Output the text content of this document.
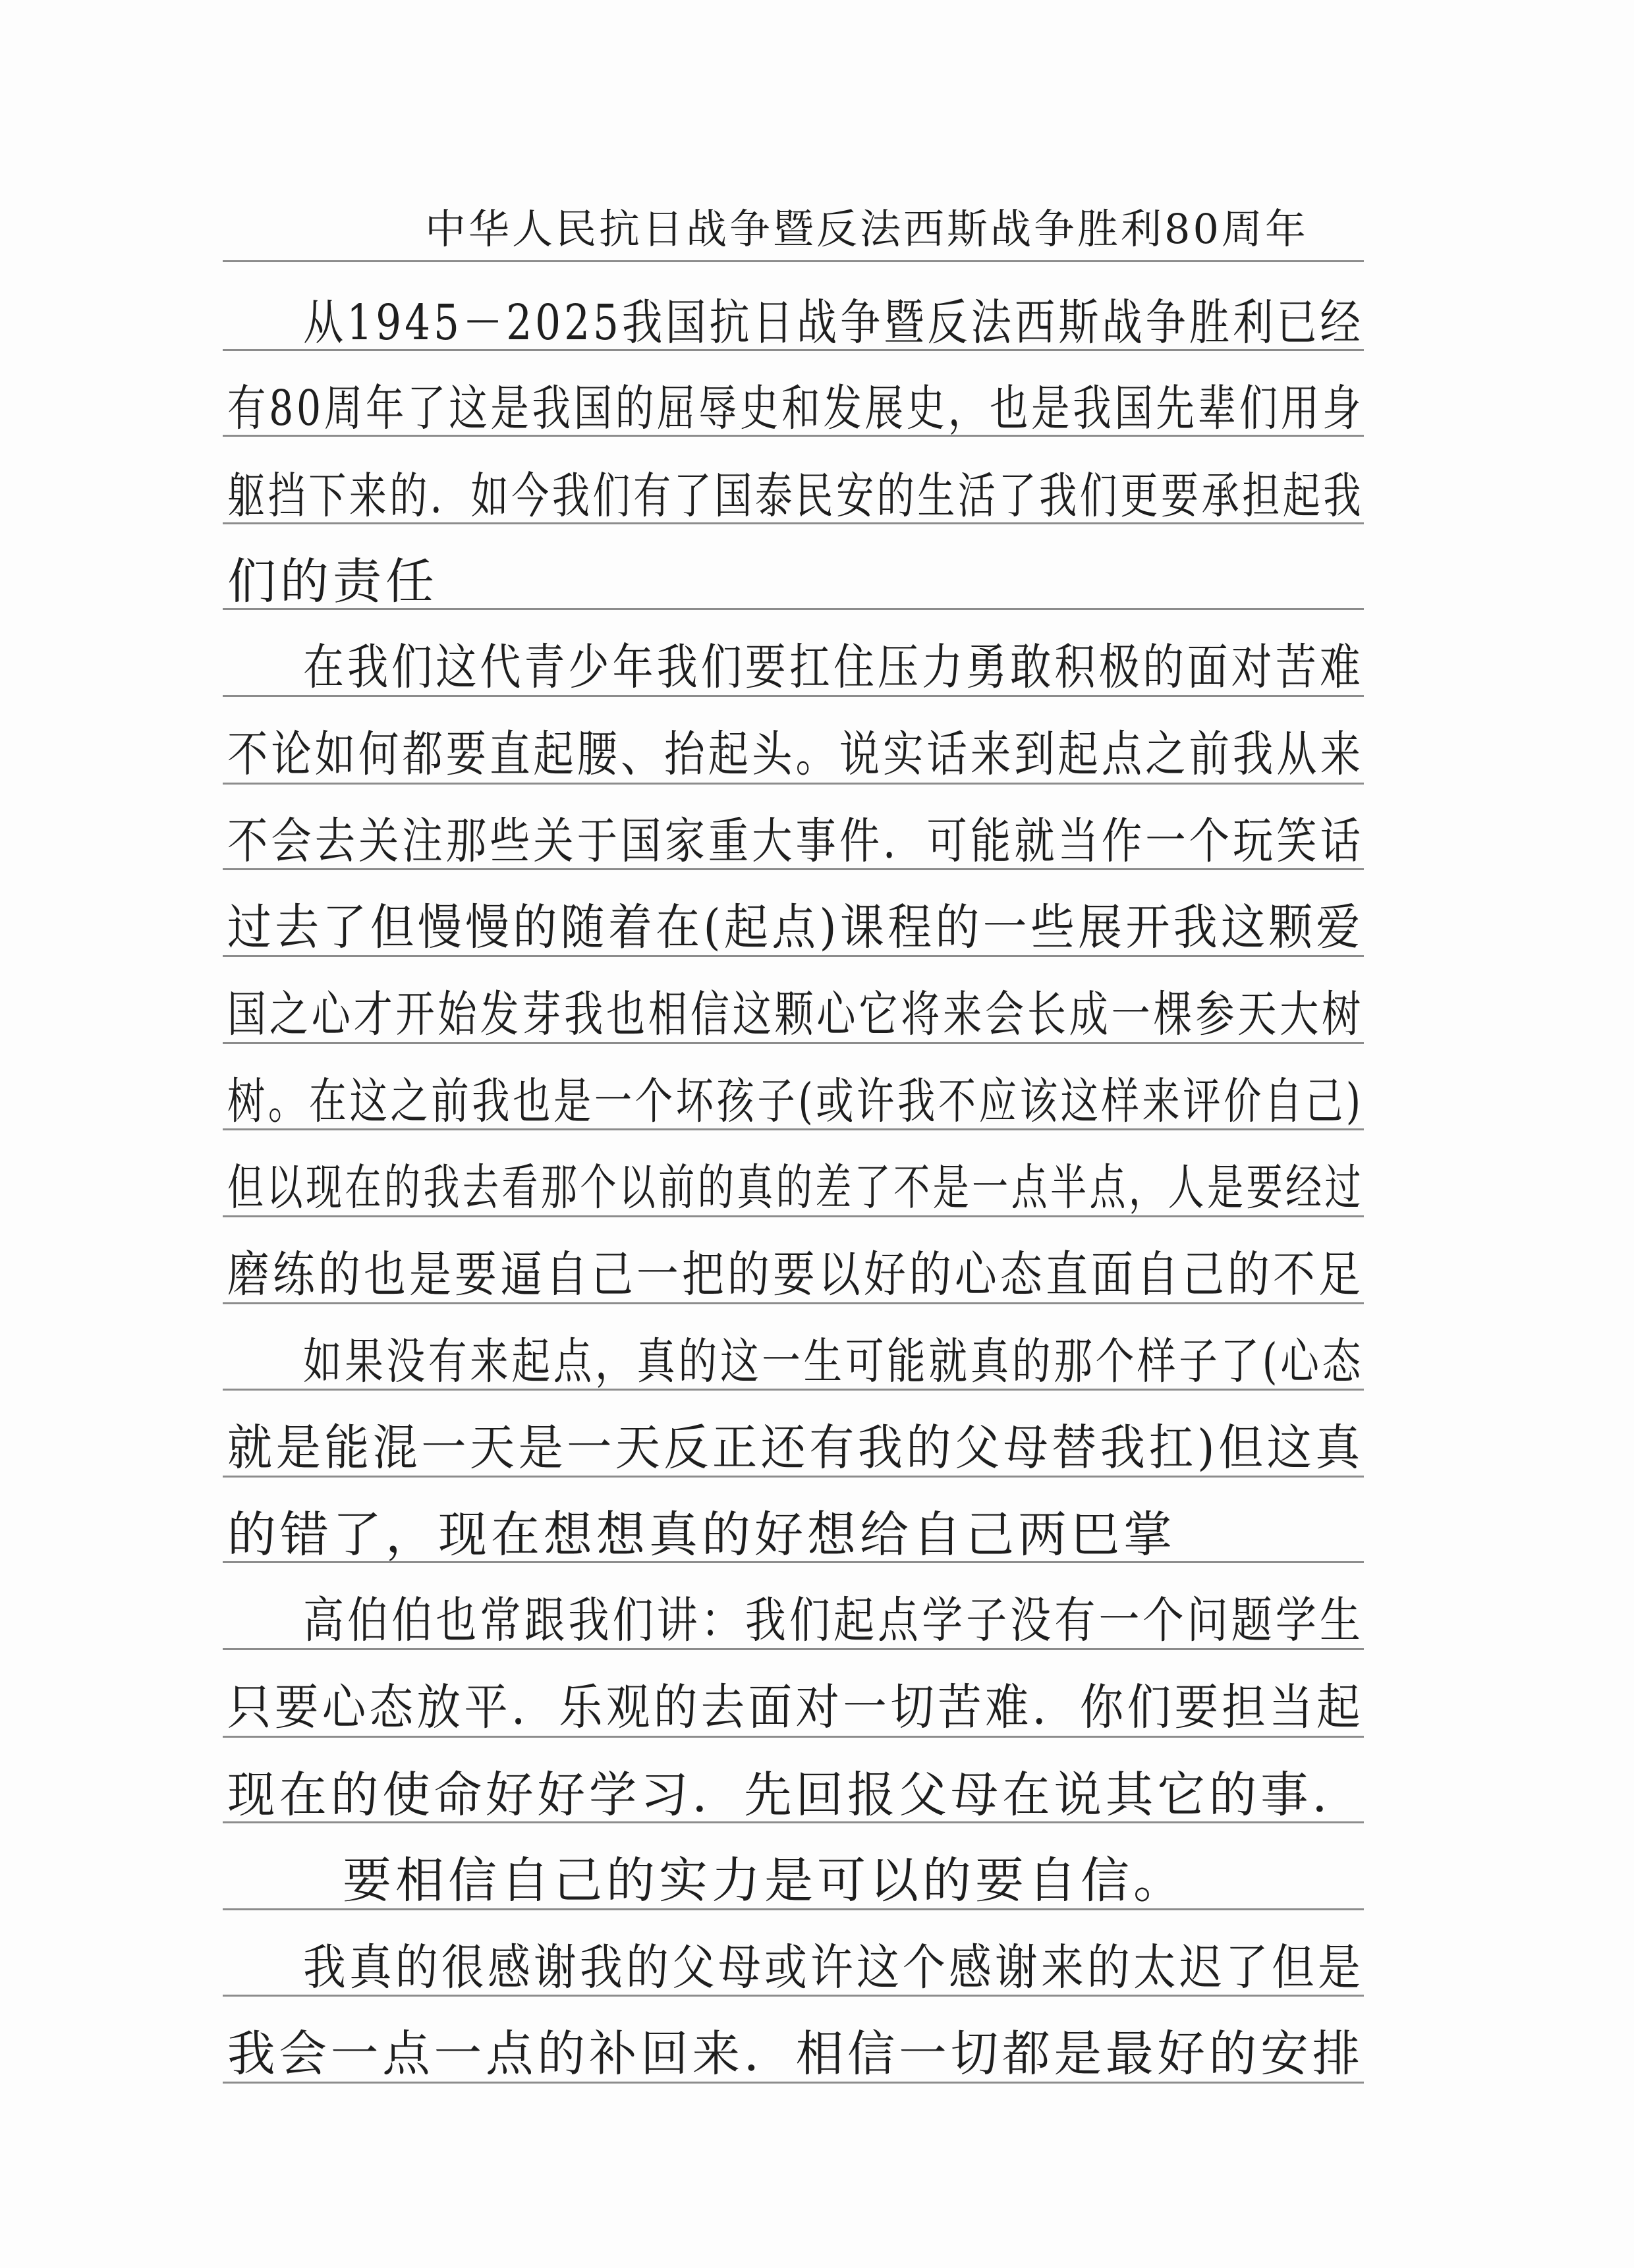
中华人民抗日战争暨反法西斯战争胜利80周年
从1945－2025我国抗日战争暨反法西斯战争胜利已经
有80周年了这是我国的屈辱史和发展史，也是我国先辈们用身
躯挡下来的．如今我们有了国泰民安的生活了我们更要承担起我
们的责任
在我们这代青少年我们要扛住压力勇敢积极的面对苦难
不论如何都要直起腰、抬起头。说实话来到起点之前我从来
不会去关注那些关于国家重大事件．可能就当作一个玩笑话
过去了但慢慢的随着在(起点)课程的一些展开我这颗爱
国之心才开始发芽我也相信这颗心它将来会长成一棵参天大树
树。在这之前我也是一个坏孩子(或许我不应该这样来评价自己)
但以现在的我去看那个以前的真的差了不是一点半点，人是要经过
磨练的也是要逼自己一把的要以好的心态直面自己的不足
如果没有来起点，真的这一生可能就真的那个样子了(心态
就是能混一天是一天反正还有我的父母替我扛)但这真
的错了，现在想想真的好想给自己两巴掌
高伯伯也常跟我们讲：我们起点学子没有一个问题学生
只要心态放平．乐观的去面对一切苦难．你们要担当起
现在的使命好好学习．先回报父母在说其它的事．
要相信自己的实力是可以的要自信。
我真的很感谢我的父母或许这个感谢来的太迟了但是
我会一点一点的补回来．相信一切都是最好的安排
